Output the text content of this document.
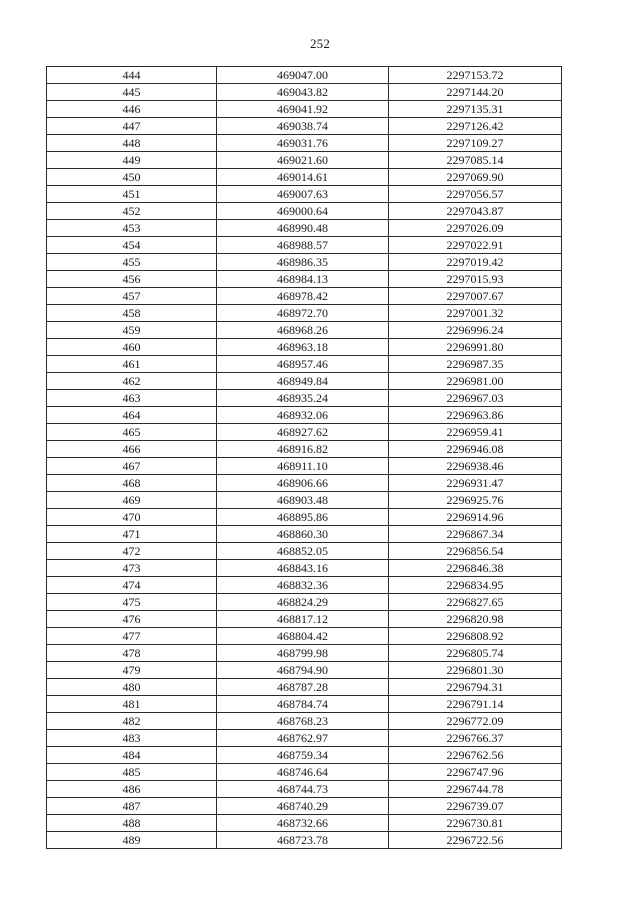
252
444	469047.00	2297153.72
445	469043.82	2297144.20
446	469041.92	2297135.31
447	469038.74	2297126.42
448	469031.76	2297109.27
449	469021.60	2297085.14
450	469014.61	2297069.90
451	469007.63	2297056.57
452	469000.64	2297043.87
453	468990.48	2297026.09
454	468988.57	2297022.91
455	468986.35	2297019.42
456	468984.13	2297015.93
457	468978.42	2297007.67
458	468972.70	2297001.32
459	468968.26	2296996.24
460	468963.18	2296991.80
461	468957.46	2296987.35
462	468949.84	2296981.00
463	468935.24	2296967.03
464	468932.06	2296963.86
465	468927.62	2296959.41
466	468916.82	2296946.08
467	468911.10	2296938.46
468	468906.66	2296931.47
469	468903.48	2296925.76
470	468895.86	2296914.96
471	468860.30	2296867.34
472	468852.05	2296856.54
473	468843.16	2296846.38
474	468832.36	2296834.95
475	468824.29	2296827.65
476	468817.12	2296820.98
477	468804.42	2296808.92
478	468799.98	2296805.74
479	468794.90	2296801.30
480	468787.28	2296794.31
481	468784.74	2296791.14
482	468768.23	2296772.09
483	468762.97	2296766.37
484	468759.34	2296762.56
485	468746.64	2296747.96
486	468744.73	2296744.78
487	468740.29	2296739.07
488	468732.66	2296730.81
489	468723.78	2296722.56
